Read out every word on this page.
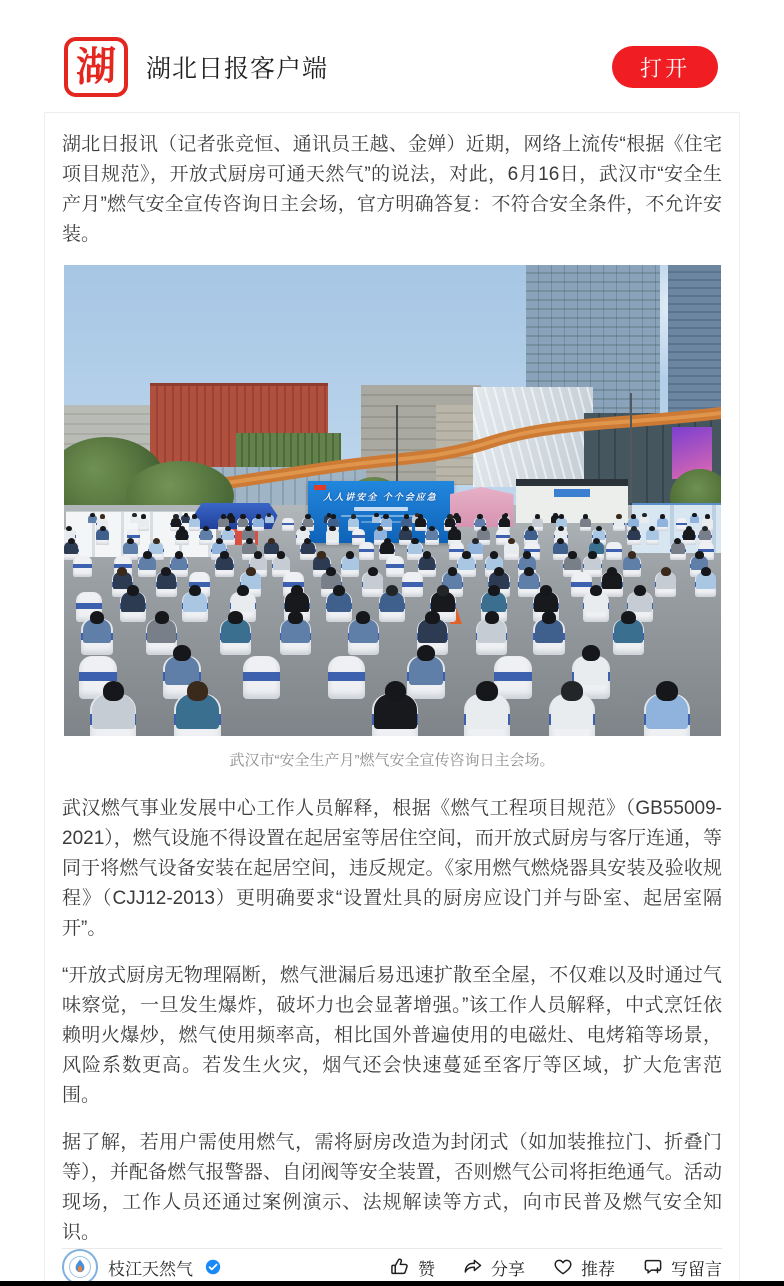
湖 湖北日报客户端	打开

湖北日报讯（记者张竞恒、通讯员王越、金婵）近期，网络上流传“根据《住宅项目规范》，开放式厨房可通天然气”的说法，对此，6月16日，武汉市“安全生产月”燃气安全宣传咨询日主会场，官方明确答复：不符合安全条件，不允许安装。

人人讲安全 个个会应急

武汉市“安全生产月”燃气安全宣传咨询日主会场。

武汉燃气事业发展中心工作人员解释，根据《燃气工程项目规范》（GB55009-2021），燃气设施不得设置在起居室等居住空间，而开放式厨房与客厅连通，等同于将燃气设备安装在起居空间，违反规定。《家用燃气燃烧器具安装及验收规程》（CJJ12-2013）更明确要求“设置灶具的厨房应设门并与卧室、起居室隔开”。

“开放式厨房无物理隔断，燃气泄漏后易迅速扩散至全屋，不仅难以及时通过气味察觉，一旦发生爆炸，破坏力也会显著增强。”该工作人员解释，中式烹饪依赖明火爆炒，燃气使用频率高，相比国外普遍使用的电磁灶、电烤箱等场景，风险系数更高。若发生火灾，烟气还会快速蔓延至客厅等区域，扩大危害范围。

据了解，若用户需使用燃气，需将厨房改造为封闭式（如加装推拉门、折叠门等），并配备燃气报警器、自闭阀等安全装置，否则燃气公司将拒绝通气。活动现场，工作人员还通过案例演示、法规解读等方式，向市民普及燃气安全知识。

枝江天然气	赞	分享	推荐	写留言
